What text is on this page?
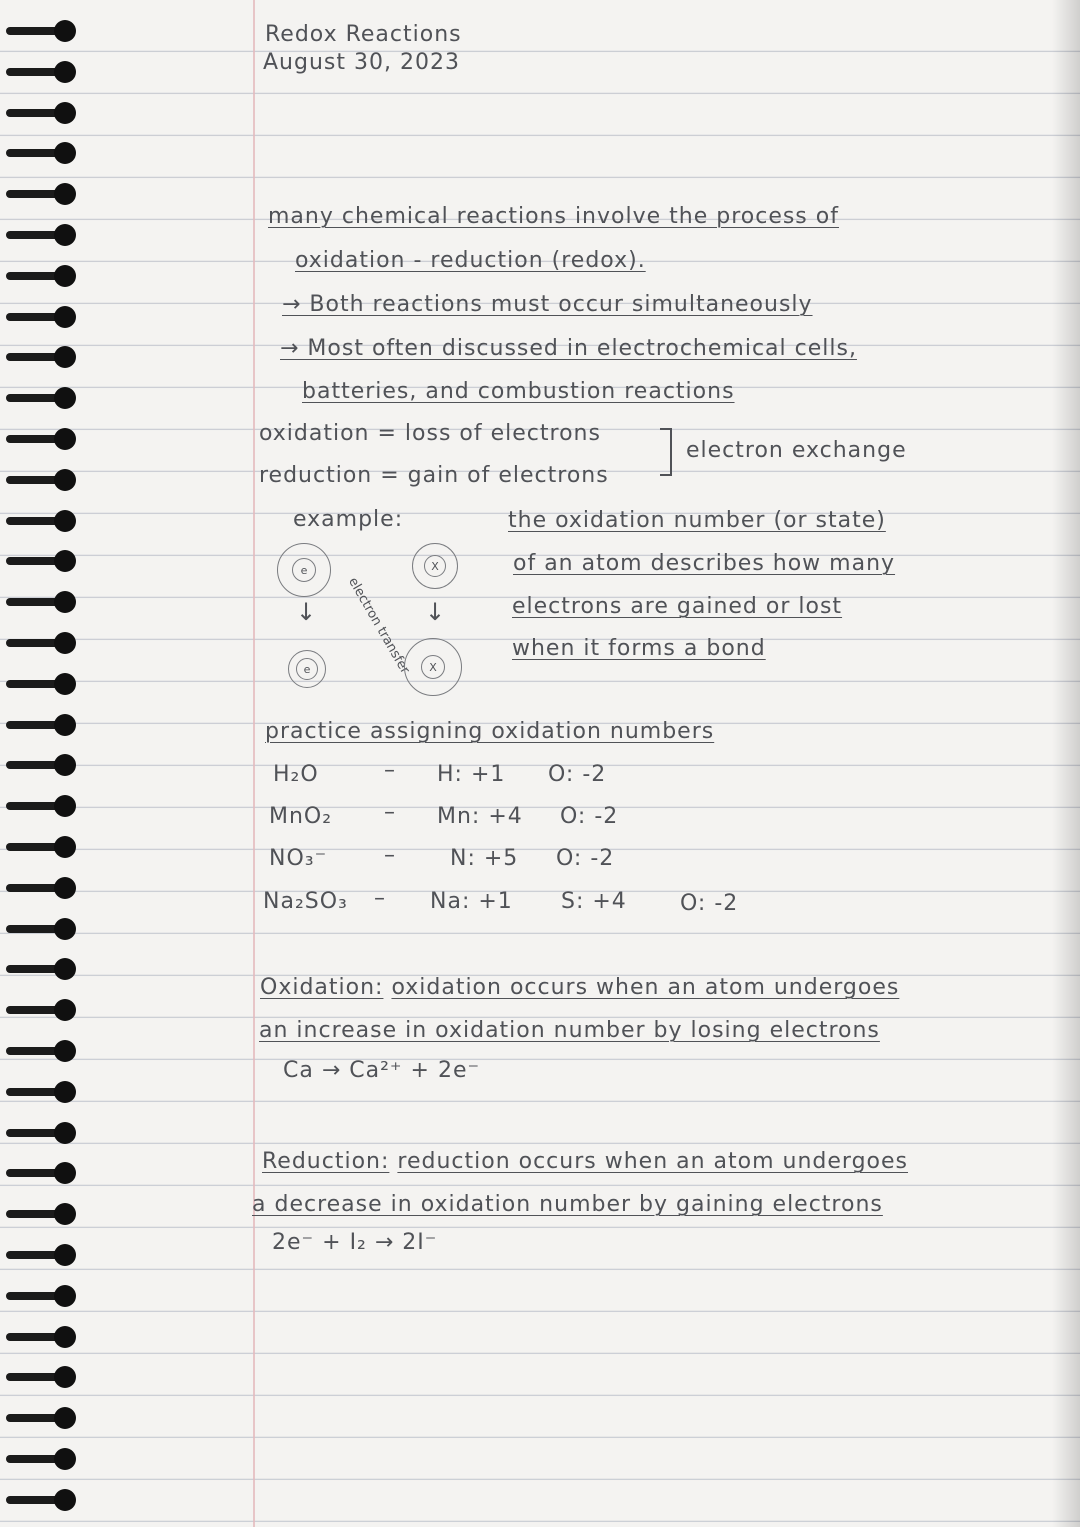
Redox Reactions
August 30, 2023
many chemical reactions involve the process of
oxidation - reduction (redox).
→ Both reactions must occur simultaneously
→ Most often discussed in electrochemical cells,
batteries, and combustion reactions
oxidation = loss of electrons
reduction = gain of electrons
electron exchange
example:
e
↓
e	electron transfer
X
↓
X
the oxidation number (or state)
of an atom describes how many
electrons are gained or lost
when it forms a bond
practice assigning oxidation numbers
H₂O	– H: +1 O: -2
MnO₂ – Mn: +4 O: -2
NO₃⁻	– N: +5 O: -2
Na₂SO₃ – Na: +1 S: +4 O: -2
Oxidation: oxidation occurs when an atom undergoes
an increase in oxidation number by losing electrons
Ca → Ca²⁺ + 2e⁻
Reduction: reduction occurs when an atom undergoes
a decrease in oxidation number by gaining electrons
2e⁻ + I₂ → 2I⁻
